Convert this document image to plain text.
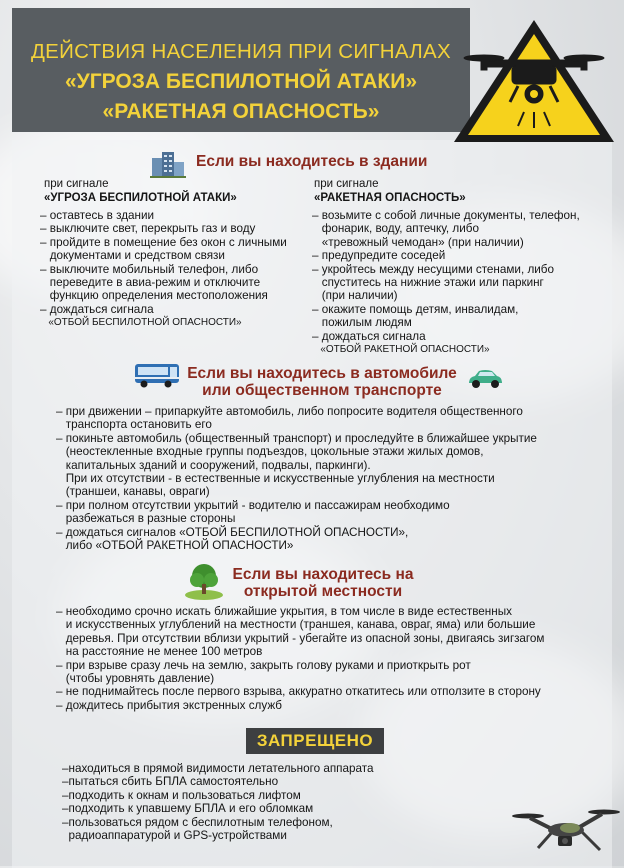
ДЕЙСТВИЯ НАСЕЛЕНИЯ ПРИ СИГНАЛАХ
«УГРОЗА БЕСПИЛОТНОЙ АТАКИ»
«РАКЕТНАЯ ОПАСНОСТЬ»
Если вы находитесь в здании
при сигнале
«УГРОЗА БЕСПИЛОТНОЙ АТАКИ»
– оставтесь в здании
– выключите свет, перекрыть газ и воду
– пройдите в помещение без окон с личными
документами и средством связи
– выключите мобильный телефон, либо
переведите в авиа-режим и отключите
функцию определения местоположения
– дождаться сигнала
«ОТБОЙ БЕСПИЛОТНОЙ ОПАСНОСТИ»
при сигнале
«РАКЕТНАЯ ОПАСНОСТЬ»
– возьмите с собой личные документы, телефон,
фонарик, воду, аптечку, либо
«тревожный чемодан» (при наличии)
– предупредите соседей
– укройтесь между несущими стенами, либо
спуститесь на нижние этажи или паркинг
(при наличии)
– окажите помощь детям, инвалидам,
пожилым людям
– дождаться сигнала
«ОТБОЙ РАКЕТНОЙ ОПАСНОСТИ»
Если вы находитесь в автомобиле
или общественном транспорте
– при движении – припаркуйте автомобиль, либо попросите водителя общественного
транспорта остановить его
– покиньте автомобиль (общественный транспорт) и проследуйте в ближайшее укрытие
(неостекленные входные группы подъездов, цокольные этажи жилых домов,
капитальных зданий и сооружений, подвалы, паркинги).
При их отсутствии - в естественные и искусственные углубления на местности
(траншеи, канавы, овраги)
– при полном отсутствии укрытий - водителю и пассажирам необходимо
разбежаться в разные стороны
– дождаться сигналов «ОТБОЙ БЕСПИЛОТНОЙ ОПАСНОСТИ»,
либо «ОТБОЙ РАКЕТНОЙ ОПАСНОСТИ»
Если вы находитесь на
открытой местности
– необходимо срочно искать ближайшие укрытия, в том числе в виде естественных
и искусственных углублений на местности (траншея, канава, овраг, яма) или большие
деревья. При отсутствии вблизи укрытий - убегайте из опасной зоны, двигаясь зигзагом
на расстояние не менее 100 метров
– при взрыве сразу лечь на землю, закрыть голову руками и приоткрыть рот
(чтобы уровнять давление)
– не поднимайтесь после первого взрыва, аккуратно откатитесь или отползите в сторону
– дождитесь прибытия экстренных служб
ЗАПРЕЩЕНО
–находиться в прямой видимости летательного аппарата
–пытаться сбить БПЛА самостоятельно
–подходить к окнам и пользоваться лифтом
–подходить к упавшему БПЛА и его обломкам
–пользоваться рядом с беспилотным телефоном,
радиоаппаратурой и GPS-устройствами
